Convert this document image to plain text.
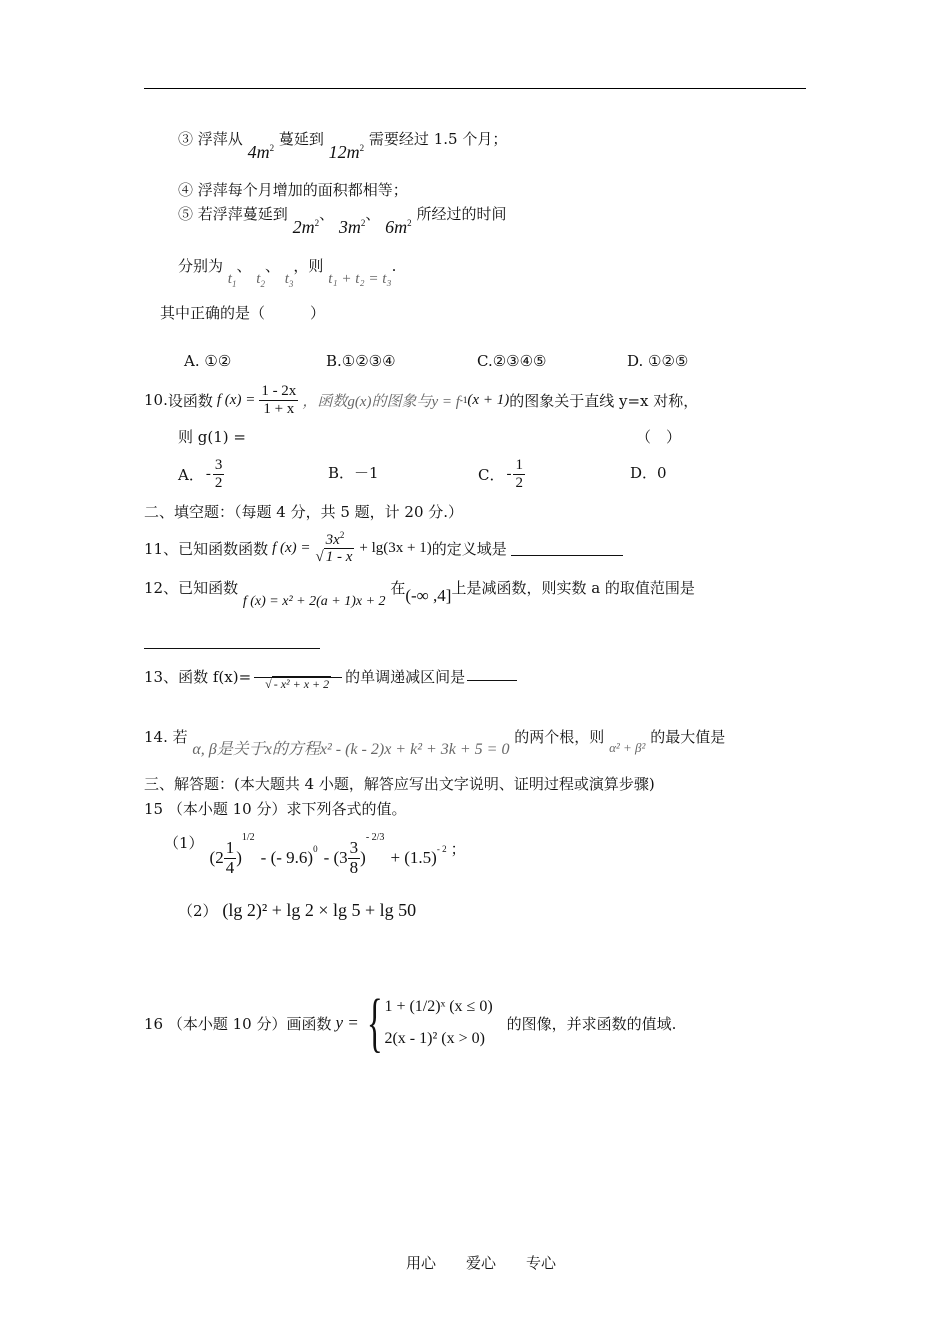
③ 浮萍从 $4m^2$ 蔓延到 $12m^2$ 需要经过 1.5 个月；
④ 浮萍每个月增加的面积都相等；
⑤ 若浮萍蔓延到 $2m^2$、 $3m^2$、 $6m^2$ 所经过的时间
分别为 $t_1$、 $t_2$、 $t_3$，则 t₁ + t₂ = t₃.
其中正确的是（　　　）
A. ①②	B.①②③④	C.②③④⑤	D. ①②⑤
10. 设函数 f $(x) = \frac{1 - 2x}{1 + x}$ ，函数g(x)的图象与y = f -1 (x + 1) 的图象关于直线 y=x 对称，
则 g(1) =	（　）
A． - $\frac{3}{2}$	B．－1	C． - $\frac{1}{2}$	D．0
二、填空题：（每题 4 分，共 5 题，计 20 分.）
11、已知函数函数 f $(x) = \frac{3x^2}{√ 1 - x} + \lg(3x + 1)$ 的定义域是
12、已知函数 f (x) = x² + 2(a + 1)x + 2 在(-∞ ,4]上是减函数，则实数 a 的取值范围是
13、函数 f(x)= √ - x² + x + 2 的单调递减区间是
14. 若 α, β是关于x的方程x² - (k - 2)x + k² + 3k + 5 = 0 的两个根，则 α² + β² 的最大值是
三、解答题：(本大题共 4 小题，解答应写出文字说明、证明过程或演算步骤)
15 （本小题 10 分）求下列各式的值。
（1）
($2 \frac{1}{4}$ )
1/2
- (- 9.6) $0 - (3 \frac{3}{8}$ )
- 2/3
+ (1.5) - 2 ；
（2） (lg 2)² + lg 2 × lg 5 + lg 50
16 （本小题 10 分）画函数 y = { 1 + (1/2)ˣ (x ≤ 0)
2(x - 1)² (x > 0)
的图像，并求函数的值域.
用心　　爱心　　专心
